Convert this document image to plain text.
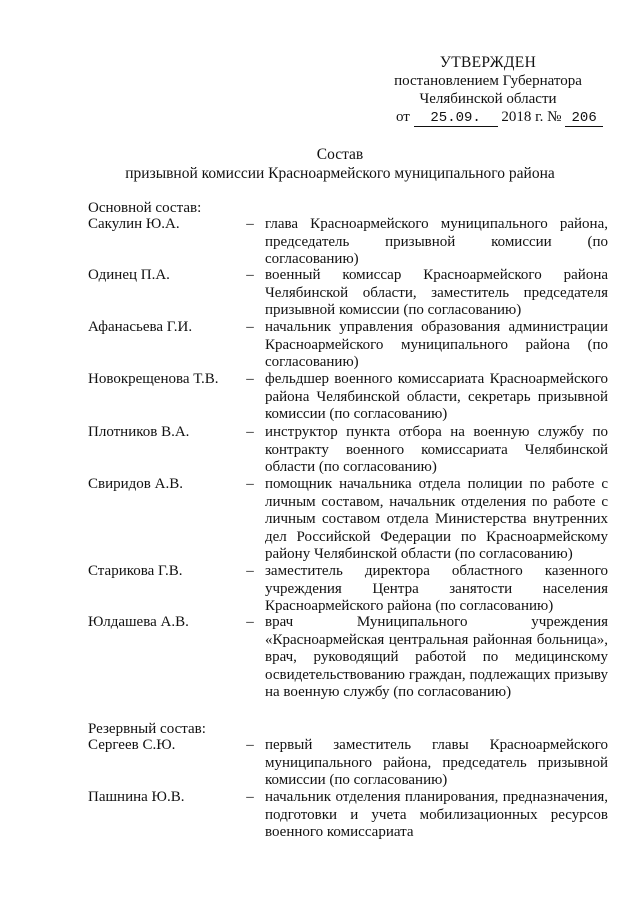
УТВЕРЖДЕН
постановлением Губернатора
Челябинской области
от 25.09. 2018 г. № 206
Состав
призывной комиссии Красноармейского муниципального района
Основной состав:
Сакулин Ю.А.	– глава Красноармейского муниципального района, председатель призывной комиссии (по согласованию)
Одинец П.А.	– военный комиссар Красноармейского района Челябинской области, заместитель председателя призывной комиссии (по согласованию)
Афанасьева Г.И.	– начальник управления образования администрации Красноармейского муниципального района (по согласованию)
Новокрещенова Т.В.	– фельдшер военного комиссариата Красноармейского района Челябинской области, секретарь призывной комиссии (по согласованию)
Плотников В.А.	– инструктор пункта отбора на военную службу по контракту военного комиссариата Челябинской области (по согласованию)
Свиридов А.В.	– помощник начальника отдела полиции по работе с личным составом, начальник отделения по работе с личным составом отдела Министерства внутренних дел Российской Федерации по Красноармейскому району Челябинской области (по согласованию)
Старикова Г.В.	– заместитель директора областного казенного учреждения Центра занятости населения Красноармейского района (по согласованию)
Юлдашева А.В.	– врач Муниципального учреждения «Красноармейская центральная районная больница», врач, руководящий работой по медицинскому освидетельствованию граждан, подлежащих призыву на военную службу (по согласованию)
Резервный состав:
Сергеев С.Ю.	– первый заместитель главы Красноармейского муниципального района, председатель призывной комиссии (по согласованию)
Пашнина Ю.В.	– начальник отделения планирования, предназначения, подготовки и учета мобилизационных ресурсов военного комиссариата
